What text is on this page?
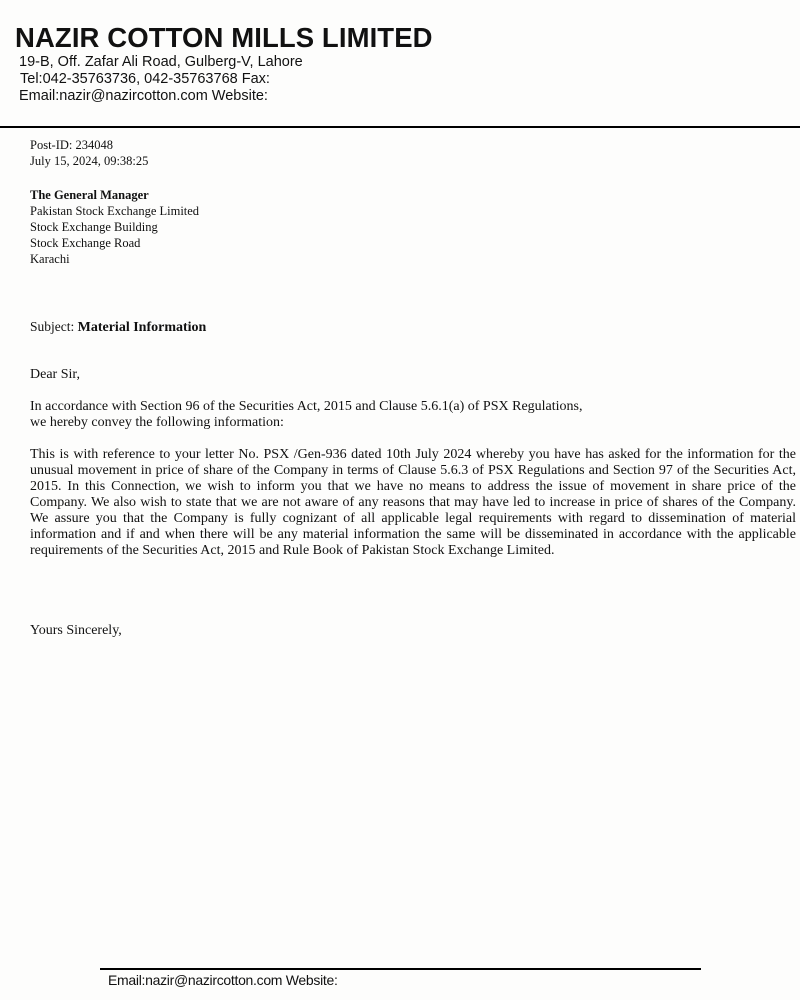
NAZIR COTTON MILLS LIMITED
19-B, Off. Zafar Ali Road, Gulberg-V, Lahore
Tel:042-35763736, 042-35763768 Fax:
Email:nazir@nazircotton.com Website:
Post-ID: 234048
July 15, 2024, 09:38:25
The General Manager
Pakistan Stock Exchange Limited
Stock Exchange Building
Stock Exchange Road
Karachi
Subject: Material Information
Dear Sir,
In accordance with Section 96 of the Securities Act, 2015 and Clause 5.6.1(a) of PSX Regulations,
we hereby convey the following information:
This is with reference to your letter No. PSX /Gen-936 dated 10th July 2024 whereby you have has asked for the information for the unusual movement in price of share of the Company in terms of Clause 5.6.3 of PSX Regulations and Section 97 of the Securities Act, 2015. In this Connection, we wish to inform you that we have no means to address the issue of movement in share price of the Company. We also wish to state that we are not aware of any reasons that may have led to increase in price of shares of the Company. We assure you that the Company is fully cognizant of all applicable legal requirements with regard to dissemination of material information and if and when there will be any material information the same will be disseminated in accordance with the applicable requirements of the Securities Act, 2015 and Rule Book of Pakistan Stock Exchange Limited.
Yours Sincerely,
Email:nazir@nazircotton.com Website:
